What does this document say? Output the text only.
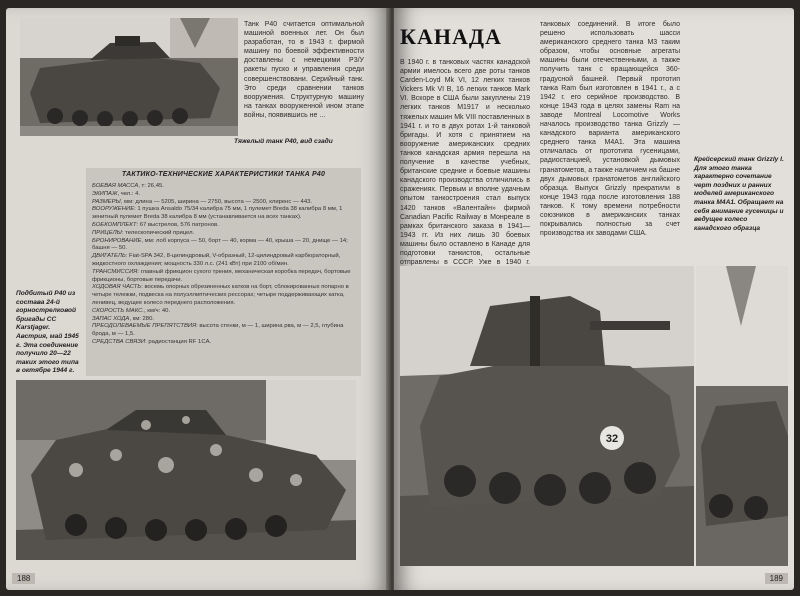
Танк Р40 считается оптимальной машиной военных лет. Он был разработан, то в 1943 г. фирмой машину по боевой эффективности доставлены с немецкими Р3/У ракеты пуско и управления среди совершенствовани. Серийный танк. Это среди сравнении танков вооружения. Структурную машину на танках вооруженной ином этапе войны, появившись не ...
Тяжелый танк Р40, вид сзади
ТАКТИКО-ТЕХНИЧЕСКИЕ ХАРАКТЕРИСТИКИ ТАНКА Р40
БОЕВАЯ МАССА, т: 26,45.
ЭКИПАЖ, чел.: 4.
РАЗМЕРЫ, мм: длина — 5205, ширина — 2750, высота — 2500, клиренс — 443.
ВООРУЖЕНИЕ: 1 пушка Ansaldo 75/34 калибра 75 мм, 1 пулемет Breda 38 калибра 8 мм, 1 зенитный пулемет Breda 38 калибра 8 мм (устанавливается на всех танках).
БОЕКОМПЛЕКТ: 67 выстрелов, 576 патронов.
ПРИЦЕЛЫ: телескопический прицел.
БРОНИРОВАНИЕ, мм: лоб корпуса — 50, борт — 40, корма — 40, крыша — 20, днище — 14; башня — 50.
ДВИГАТЕЛЬ: Fiat-SPA 342, 8-цилиндровый, V-образный, 12-цилиндровый карбюраторный, жидкостного охлаждения; мощность 330 л.с. (241 кВт) при 2100 об/мин.
ТРАНСМИССИЯ: главный фрикцион сухого трения, механическая коробка передач, бортовые фрикционы, бортовые передачи.
ХОДОВАЯ ЧАСТЬ: восемь опорных обрезиненных катков на борт, сблокированных попарно в четыре тележки, подвеска на полуэллиптических рессорах; четыре поддерживающих катка, ленивец, ведущее колесо переднего расположения.
СКОРОСТЬ МАКС., км/ч: 40.
ЗАПАС ХОДА, км: 280.
ПРЕОДОЛЕВАЕМЫЕ ПРЕПЯТСТВИЯ: высота стенки, м — 1, ширина рва, м — 2,5, глубина брода, м — 1,5.
СРЕДСТВА СВЯЗИ: радиостанция RF 1CA.
Подбитый Р40 из состава 24-й горнострелковой бригады СС Karstjager. Австрия, май 1945 г. Эта соединение получило 20—22 таких этого типа в октябре 1944 г.
188
КАНАДА
В 1940 г. в танковых частях канадской армии имелось всего две роты танков Carden-Loyd Mk VI, 12 легких танков Vickers Mk VI B, 16 легких танков Mark VI. Вскоре в США были закуплены 219 легких танков М1917 и несколько тяжелых машин Mk VIII поставленных в 1941 г. и то в двух ротах 1-й танковой бригады. И хотя с принятием на вооружение американских средних танков канадская армия перешла на получение в качестве учебных, британские средние и боевые машины канадского производства отличились в сражениях. Первым и вполне удачным опытом танкостроения стал выпуск 1420 танков «Валентайн» фирмой Canadian Pacific Railway в Монреале в рамках британского заказа в 1941—1943 гг. Из них лишь 30 боевых машины было оставлено в Канаде для подготовки танкистов, остальные отправлены в СССР. Уже в 1940 г.
танковых соединений. В итоге было решено использовать шасси американского среднего танка М3 таким образом, чтобы основные агрегаты машины были отечественными, а также получить танк с вращающейся 360-градусной башней. Первый прототип танка Ram был изготовлен в 1941 г., а с 1942 г. его серийное производство. В конце 1943 года в целях замены Ram на заводе Montreal Locomotive Works началось производство танка Grizzly — канадского варианта американского среднего танка М4А1. Эта машина отличалась от прототипа гусеницами, радиостанцией, установкой дымовых гранатометов, а также наличием на башне двух дымовых гранатометов английского образца. Выпуск Grizzly прекратили в конце 1943 года после изготовления 188 танков. К тому времени потребности союзников в американских танках покрывались полностью за счет производства их заводами США.
Крейсерский танк Grizzly I. Для этого танка характерно сочетание черт поздних и ранних моделей американского танка М4А1. Обращает на себя внимание гусеницы и ведущее колесо канадского образца
32
189
